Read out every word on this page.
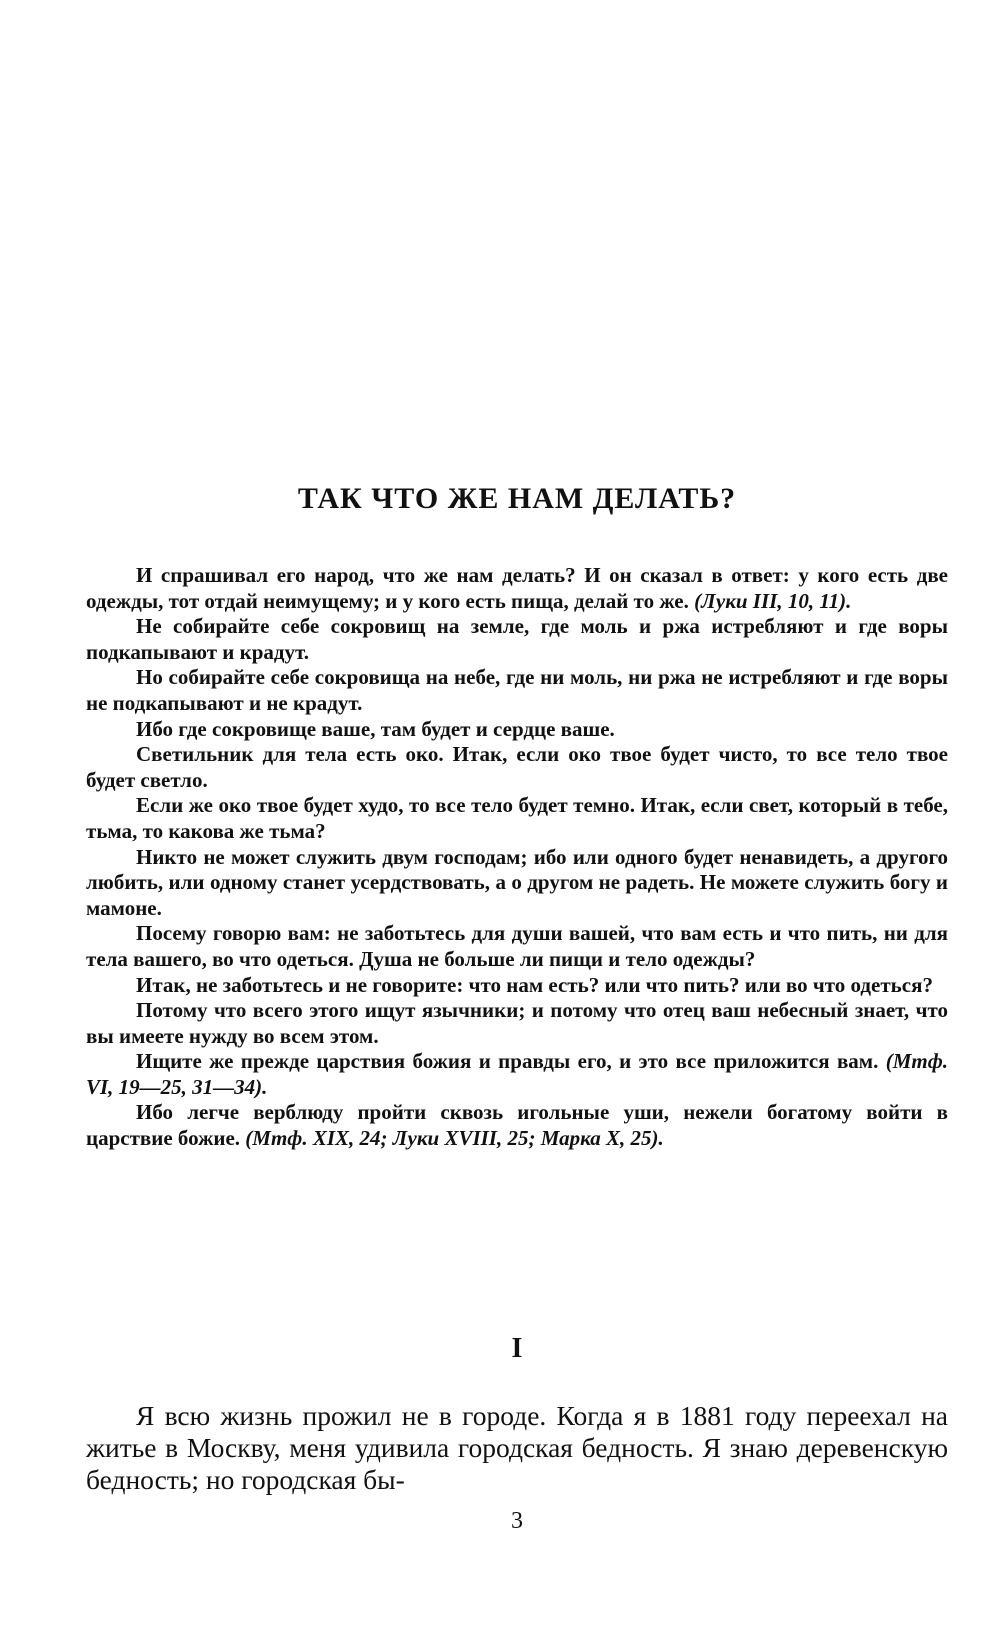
ТАК ЧТО ЖЕ НАМ ДЕЛАТЬ?

И спрашивал его народ, что же нам делать? И он сказал в ответ: у кого есть две одежды, тот отдай неимущему; и у кого есть пища, делай то же. (Луки III, 10, 11).

Не собирайте себе сокровищ на земле, где моль и ржа истребляют и где воры подкапывают и крадут.

Но собирайте себе сокровища на небе, где ни моль, ни ржа не истребляют и где воры не подкапывают и не крадут.

Ибо где сокровище ваше, там будет и сердце ваше.

Светильник для тела есть око. Итак, если око твое будет чисто, то все тело твое будет светло.

Если же око твое будет худо, то все тело будет темно. Итак, если свет, который в тебе, тьма, то какова же тьма?

Никто не может служить двум господам; ибо или одного будет ненавидеть, а другого любить, или одному станет усердствовать, а о другом не радеть. Не можете служить богу и мамоне.

Посему говорю вам: не заботьтесь для души вашей, что вам есть и что пить, ни для тела вашего, во что одеться. Душа не больше ли пищи и тело одежды?

Итак, не заботьтесь и не говорите: что нам есть? или что пить? или во что одеться?

Потому что всего этого ищут язычники; и потому что отец ваш небесный знает, что вы имеете нужду во всем этом.

Ищите же прежде царствия божия и правды его, и это все приложится вам. (Мтф. VI, 19—25, 31—34).

Ибо легче верблюду пройти сквозь игольные уши, нежели богатому войти в царствие божие. (Мтф. XIX, 24; Луки XVIII, 25; Марка X, 25).

I

Я всю жизнь прожил не в городе. Когда я в 1881 году переехал на житье в Москву, меня удивила городская бедность. Я знаю деревенскую бедность; но городская бы-

3
